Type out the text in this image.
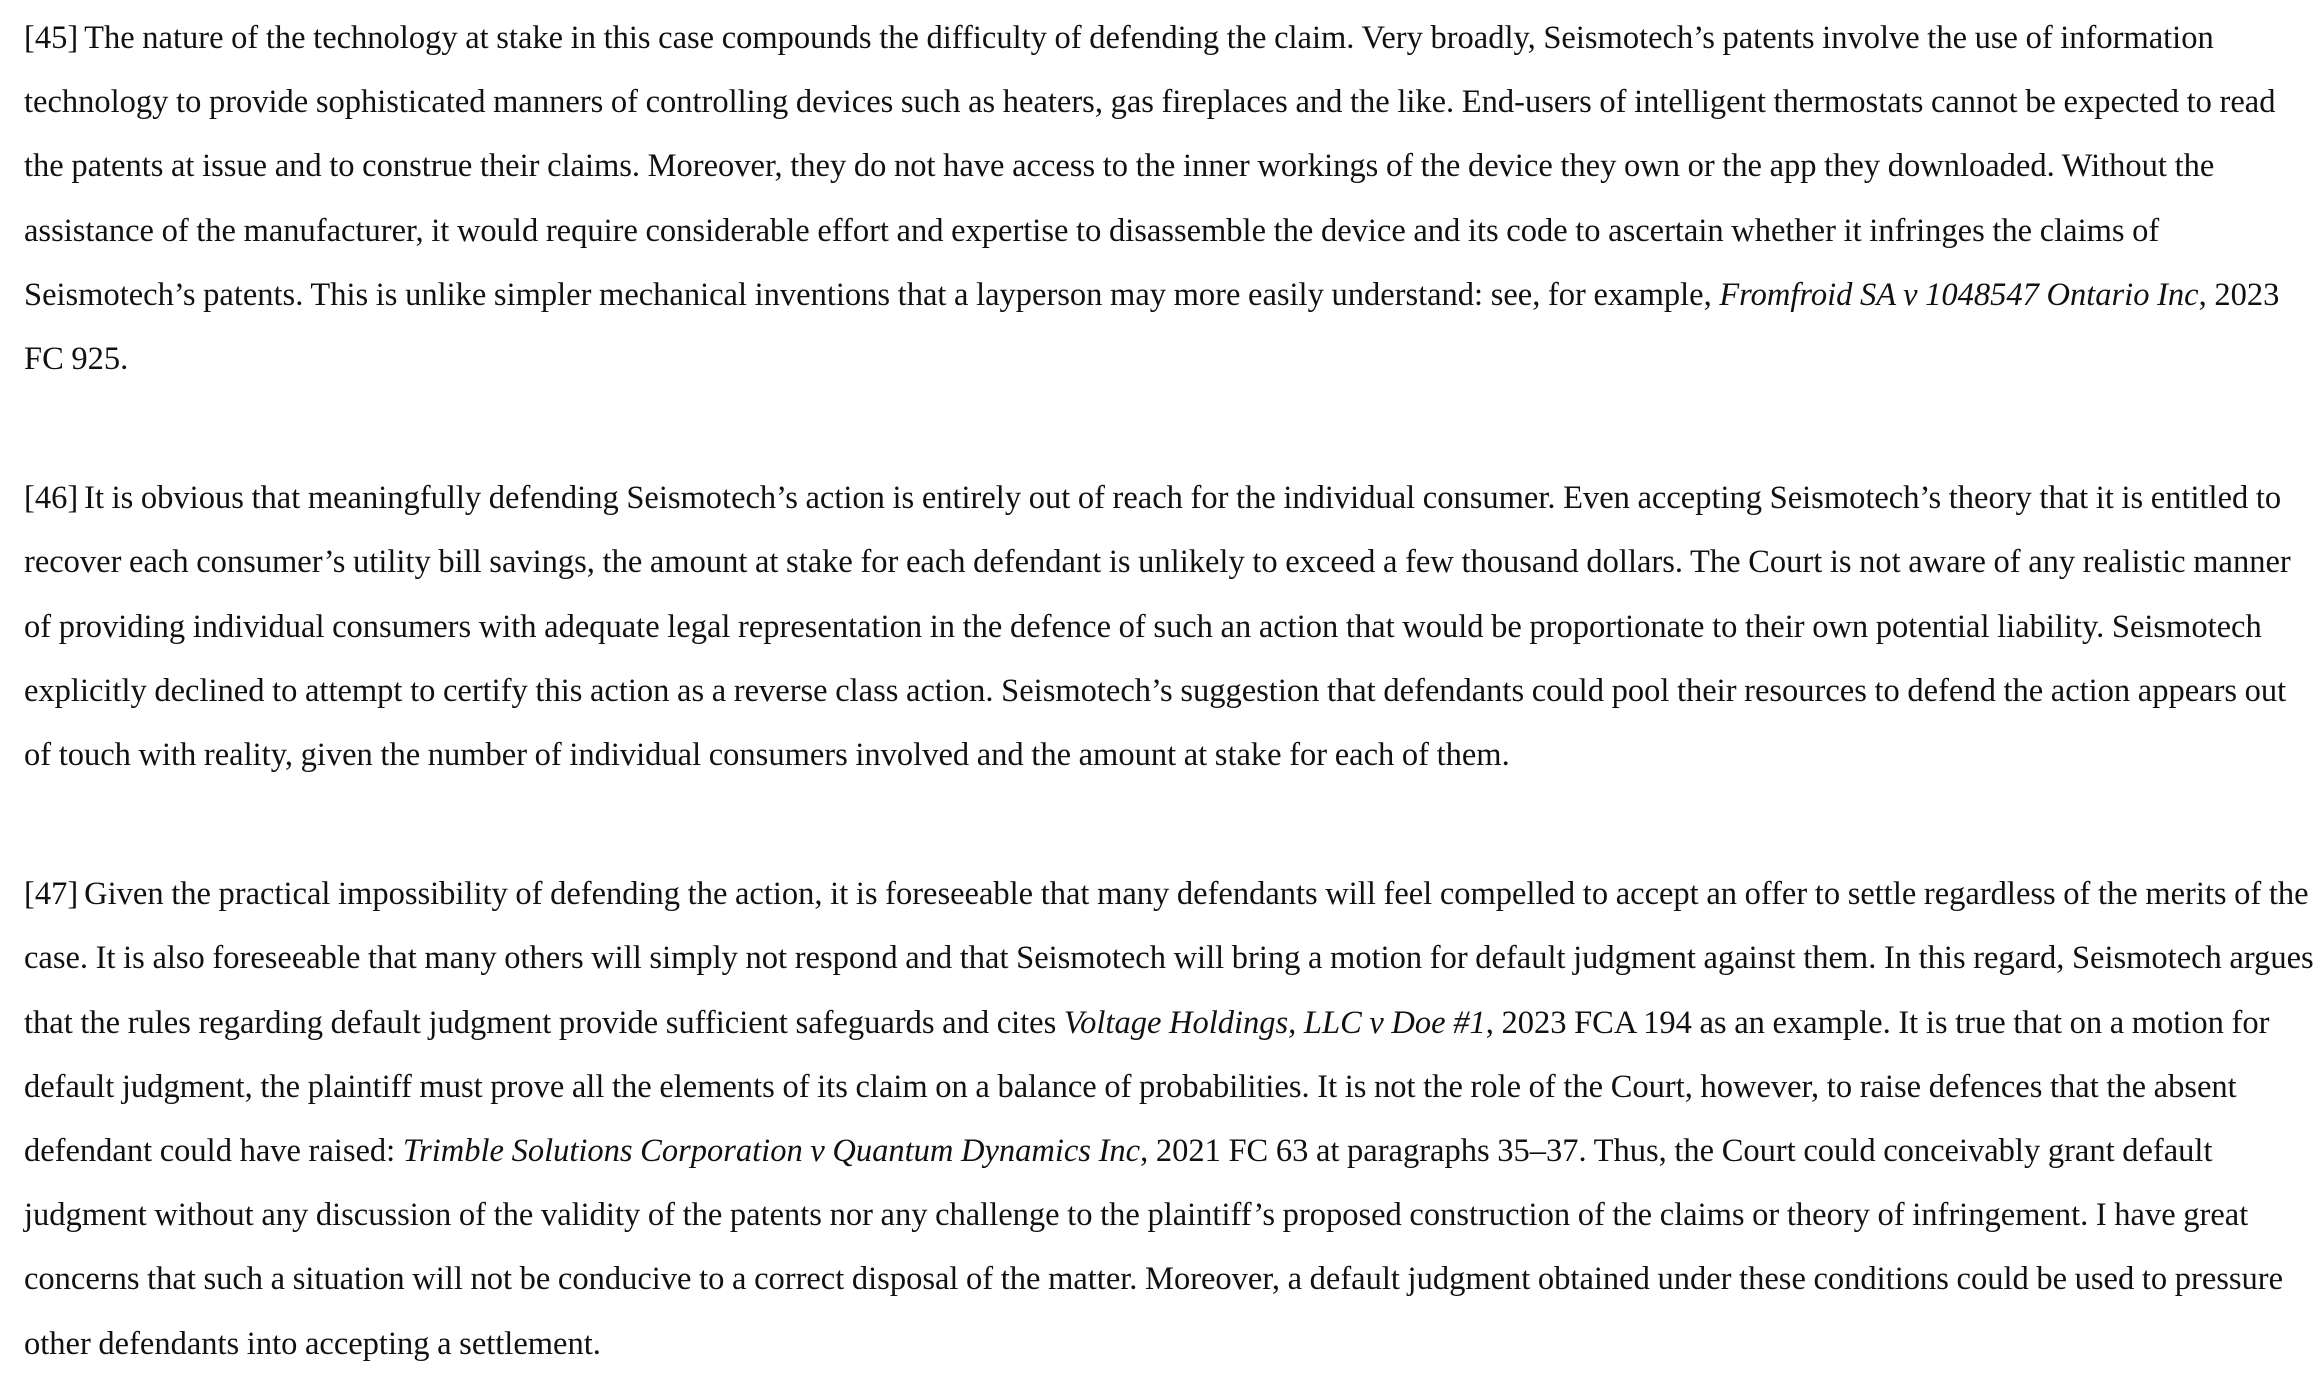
[45] The nature of the technology at stake in this case compounds the difficulty of defending the claim. Very broadly, Seismotech’s patents involve the use of information technology to provide sophisticated manners of controlling devices such as heaters, gas fireplaces and the like. End-users of intelligent thermostats cannot be expected to read the patents at issue and to construe their claims. Moreover, they do not have access to the inner workings of the device they own or the app they downloaded. Without the assistance of the manufacturer, it would require considerable effort and expertise to disassemble the device and its code to ascertain whether it infringes the claims of Seismotech’s patents. This is unlike simpler mechanical inventions that a layperson may more easily understand: see, for example, Fromfroid SA v 1048547 Ontario Inc, 2023 FC 925.

[46] It is obvious that meaningfully defending Seismotech’s action is entirely out of reach for the individual consumer. Even accepting Seismotech’s theory that it is entitled to recover each consumer’s utility bill savings, the amount at stake for each defendant is unlikely to exceed a few thousand dollars. The Court is not aware of any realistic manner of providing individual consumers with adequate legal representation in the defence of such an action that would be proportionate to their own potential liability. Seismotech explicitly declined to attempt to certify this action as a reverse class action. Seismotech’s suggestion that defendants could pool their resources to defend the action appears out of touch with reality, given the number of individual consumers involved and the amount at stake for each of them.

[47] Given the practical impossibility of defending the action, it is foreseeable that many defendants will feel compelled to accept an offer to settle regardless of the merits of the case. It is also foreseeable that many others will simply not respond and that Seismotech will bring a motion for default judgment against them. In this regard, Seismotech argues that the rules regarding default judgment provide sufficient safeguards and cites Voltage Holdings, LLC v Doe #1, 2023 FCA 194 as an example. It is true that on a motion for default judgment, the plaintiff must prove all the elements of its claim on a balance of probabilities. It is not the role of the Court, however, to raise defences that the absent defendant could have raised: Trimble Solutions Corporation v Quantum Dynamics Inc, 2021 FC 63 at paragraphs 35–37. Thus, the Court could conceivably grant default judgment without any discussion of the validity of the patents nor any challenge to the plaintiff’s proposed construction of the claims or theory of infringement. I have great concerns that such a situation will not be conducive to a correct disposal of the matter. Moreover, a default judgment obtained under these conditions could be used to pressure other defendants into accepting a settlement.
